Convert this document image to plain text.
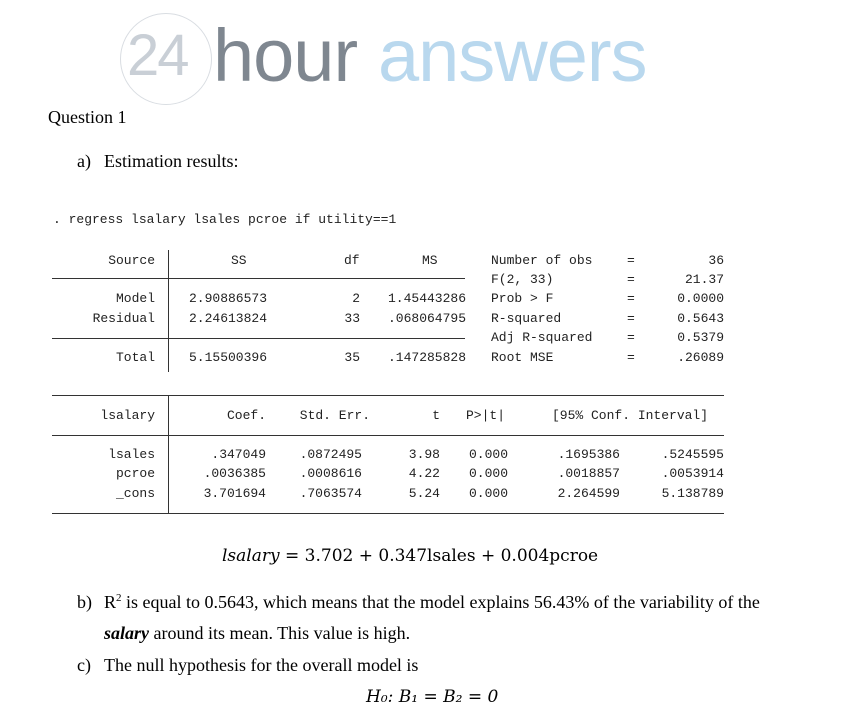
24 hour answers
Question 1
a) Estimation results:
. regress lsalary lsales pcroe if utility==1
Source	SS	df	MS
Model	2.90886573	2	1.45443286
Residual	2.24613824	33	.068064795
Total	5.15500396	35	.147285828
Number of obs	=	36
F(2, 33)	=	21.37
Prob > F	=	0.0000
R-squared	=	0.5643
Adj R-squared	=	0.5379
Root MSE	=	.26089
lsalary	Coef.	Std. Err.	t P>|t|	[95% Conf. Interval]
lsales	.347049	.0872495	3.98	0.000	.1695386	.5245595
pcroe	.0036385	.0008616	4.22	0.000	.0018857	.0053914
_cons	3.701694	.7063574	5.24	0.000	2.264599	5.138789
lsalary = 3.702 + 0.347lsales + 0.004pcroe
b) $R^2$ is equal to 0.5643, which means that the model explains 56.43% of the variability of the
salary around its mean. This value is high.
c) The null hypothesis for the overall model is
H₀: B₁ = B₂ = 0
